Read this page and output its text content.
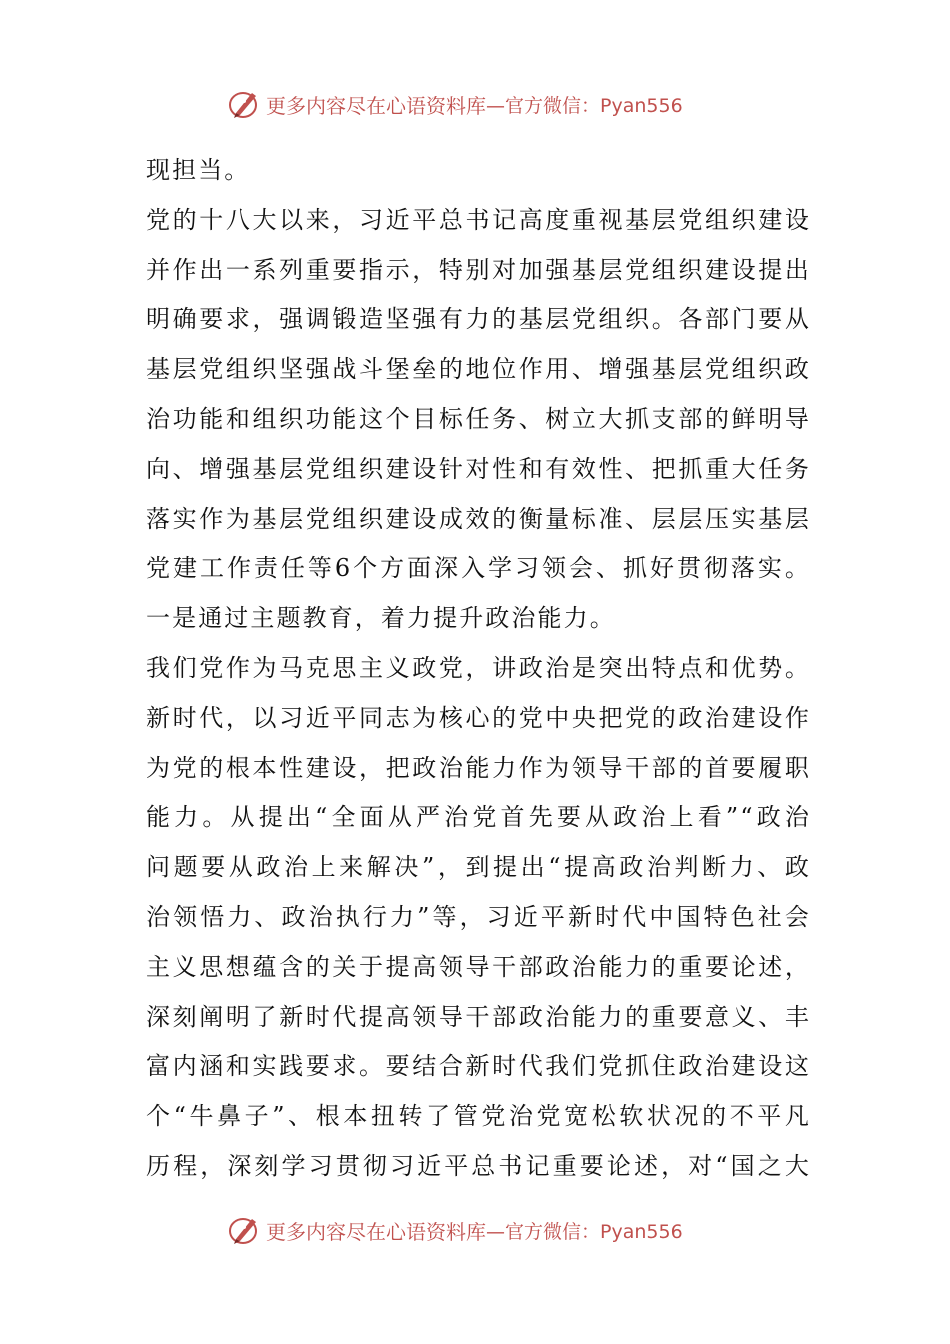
更多内容尽在心语资料库 —官方微信：Pyan556
现担当。
党的十八大以来，习近平总书记高度重视基层党组织建设
并作出一系列重要指示，特别对加强基层党组织建设提出
明确要求，强调锻造坚强有力的基层党组织。各部门要从
基层党组织坚强战斗堡垒的地位作用、增强基层党组织政
治功能和组织功能这个目标任务、树立大抓支部的鲜明导
向、增强基层党组织建设针对性和有效性、把抓重大任务
落实作为基层党组织建设成效的衡量标准、层层压实基层
党建工作责任等6个方面深入学习领会、抓好贯彻落实。
一是通过主题教育，着力提升政治能力。
我们党作为马克思主义政党，讲政治是突出特点和优势。
新时代，以习近平同志为核心的党中央把党的政治建设作
为党的根本性建设，把政治能力作为领导干部的首要履职
能力。从提出“全面从严治党首先要从政治上看”“政治
问题要从政治上来解决”，到提出“提高政治判断力、政
治领悟力、政治执行力”等，习近平新时代中国特色社会
主义思想蕴含的关于提高领导干部政治能力的重要论述，
深刻阐明了新时代提高领导干部政治能力的重要意义、丰
富内涵和实践要求。要结合新时代我们党抓住政治建设这
个“牛鼻子”、根本扭转了管党治党宽松软状况的不平凡
历程，深刻学习贯彻习近平总书记重要论述，对“国之大
更多内容尽在心语资料库 —官方微信：Pyan556
